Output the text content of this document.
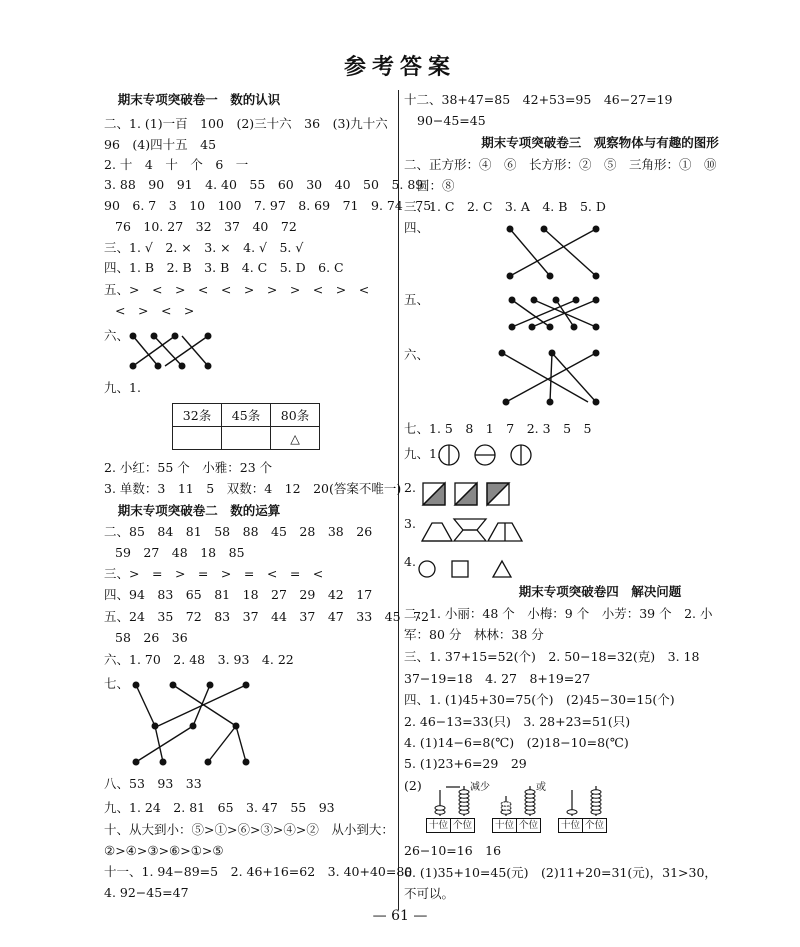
参考答案
期末专项突破卷一　数的认识
二、1. (1)一百　100　(2)三十六　36　(3)九十六
96　(4)四十五　45
2. 十　4　十　个　6　一
3. 88　90　91　4. 40　55　60　30　40　50　5. 89
90　6. 7　3　10　100　7. 97　8. 69　71　9. 74　75
76　10. 27　32　37　40　72
三、1. √　2. ×　3. ×　4. √　5. √
四、1. B　2. B　3. B　4. C　5. D　6. C
五、>　<　>　<　<　>　>　>　<　>　<
<　>　<　>
六、
九、1.
32条	45条	80条
		△
2. 小红：55 个　小雅：23 个
3. 单数：3　11　5　双数：4　12　20(答案不唯一)
期末专项突破卷二　数的运算
二、85　84　81　58　88　45　28　38　26
59　27　48　18　85
三、>　=　>　=　>　=　<　=　<
四、94　83　65　81　18　27　29　42　17
五、24　35　72　83　37　44　37　47　33　45　72
58　26　36
六、1. 70　2. 48　3. 93　4. 22
七、
八、53　93　33
九、1. 24　2. 81　65　3. 47　55　93
十、从大到小：⑤>①>⑥>③>④>②　从小到大：
②>④>③>⑥>①>⑤
十一、1. 94−89=5　2. 46+16=62　3. 40+40=80
4. 92−45=47
十二、38+47=85　42+53=95　46−27=19
90−45=45
期末专项突破卷三　观察物体与有趣的图形
二、正方形：④　⑥　长方形：②　⑤　三角形：①　⑩
圆：⑧
三、1. C　2. C　3. A　4. B　5. D
四、
五、
六、
七、1. 5　8　1　7　2. 3　5　5
九、1.
2.
3.
4.
期末专项突破卷四　解决问题
二、1. 小丽：48 个　小梅：9 个　小芳：39 个　2. 小
军：80 分　林林：38 分
三、1. 37+15=52(个)　2. 50−18=32(克)　3. 18
37−19=18　4. 27　8+19=27
四、1. (1)45+30=75(个)　(2)45−30=15(个)
2. 46−13=33(只)　3. 28+23=51(只)
4. (1)14−6=8(℃)　(2)18−10=8(℃)
5. (1)23+6=29　29
(2)	减少	或
十位 个位	十位 个位	十位 个位
26−10=16　16
6. (1)35+10=45(元)　(2)11+20=31(元)，31>30，
不可以。
— 61 —
